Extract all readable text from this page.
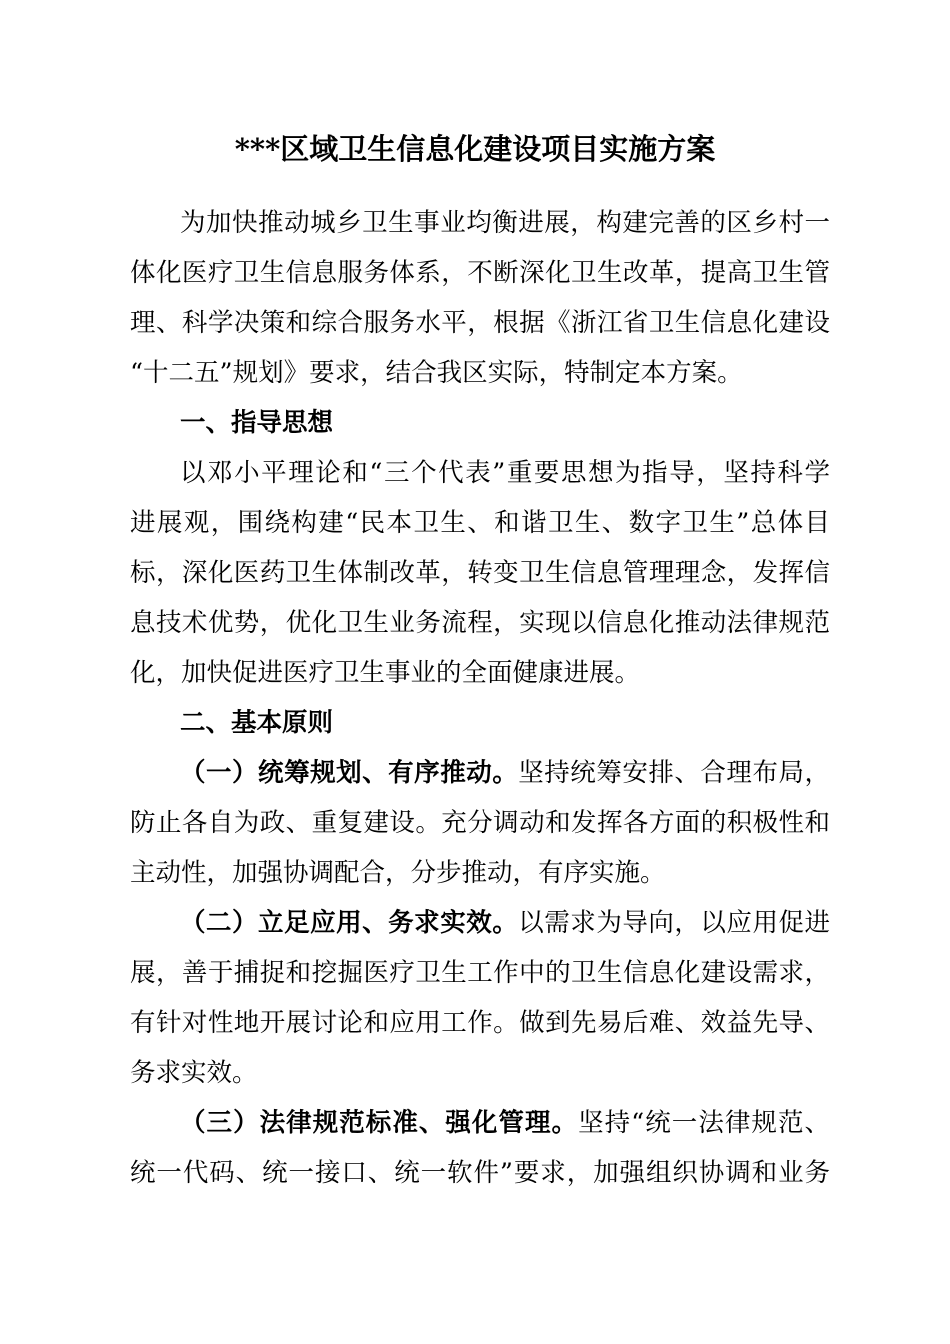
***区域卫生信息化建设项目实施方案
为加快推动城乡卫生事业均衡进展，构建完善的区乡村一
体化医疗卫生信息服务体系，不断深化卫生改革，提高卫生管
理、科学决策和综合服务水平，根据《浙江省卫生信息化建设
“十二五”规划》要求，结合我区实际，特制定本方案。
一、指导思想
以邓小平理论和“三个代表”重要思想为指导，坚持科学
进展观，围绕构建“民本卫生、和谐卫生、数字卫生”总体目
标，深化医药卫生体制改革，转变卫生信息管理理念，发挥信
息技术优势，优化卫生业务流程，实现以信息化推动法律规范
化，加快促进医疗卫生事业的全面健康进展。
二、基本原则
（一）统筹规划、有序推动。坚持统筹安排、合理布局，
防止各自为政、重复建设。充分调动和发挥各方面的积极性和
主动性，加强协调配合，分步推动，有序实施。
（二）立足应用、务求实效。以需求为导向，以应用促进
展，善于捕捉和挖掘医疗卫生工作中的卫生信息化建设需求，
有针对性地开展讨论和应用工作。做到先易后难、效益先导、
务求实效。
（三）法律规范标准、强化管理。坚持“统一法律规范、
统一代码、统一接口、统一软件”要求，加强组织协调和业务
